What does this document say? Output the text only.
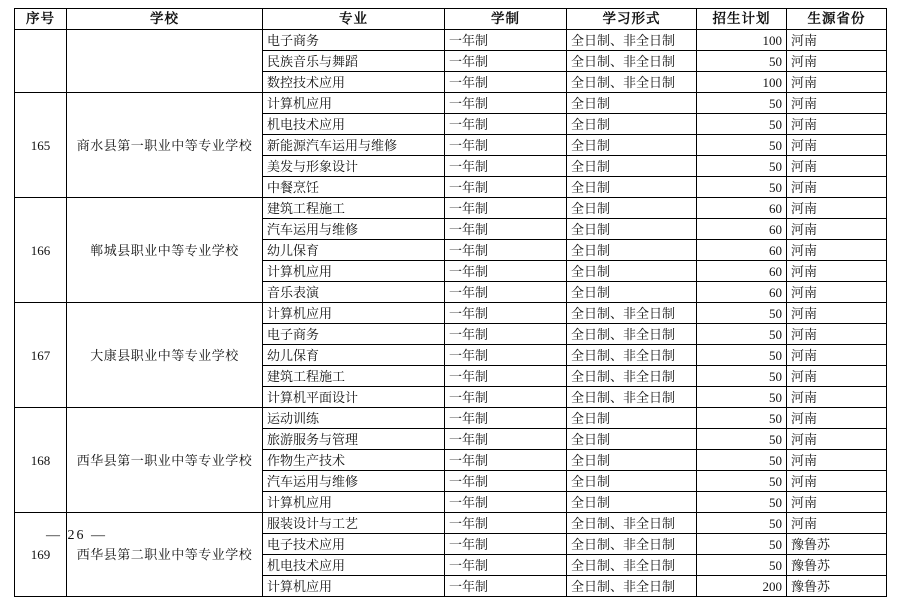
序号	学校	专业	学制	学习形式	招生计划	生源省份
		电子商务	一年制	全日制、非全日制	100	河南
		民族音乐与舞蹈	一年制	全日制、非全日制	50	河南
		数控技术应用	一年制	全日制、非全日制	100	河南
165	商水县第一职业中等专业学校	计算机应用	一年制	全日制	50	河南
		机电技术应用	一年制	全日制	50	河南
		新能源汽车运用与维修	一年制	全日制	50	河南
		美发与形象设计	一年制	全日制	50	河南
		中餐烹饪	一年制	全日制	50	河南
166	郸城县职业中等专业学校	建筑工程施工	一年制	全日制	60	河南
		汽车运用与维修	一年制	全日制	60	河南
		幼儿保育	一年制	全日制	60	河南
		计算机应用	一年制	全日制	60	河南
		音乐表演	一年制	全日制	60	河南
167	大康县职业中等专业学校	计算机应用	一年制	全日制、非全日制	50	河南
		电子商务	一年制	全日制、非全日制	50	河南
		幼儿保育	一年制	全日制、非全日制	50	河南
		建筑工程施工	一年制	全日制、非全日制	50	河南
		计算机平面设计	一年制	全日制、非全日制	50	河南
168	西华县第一职业中等专业学校	运动训练	一年制	全日制	50	河南
		旅游服务与管理	一年制	全日制	50	河南
		作物生产技术	一年制	全日制	50	河南
		汽车运用与维修	一年制	全日制	50	河南
		计算机应用	一年制	全日制	50	河南
169	西华县第二职业中等专业学校	服装设计与工艺	一年制	全日制、非全日制	50	河南
		电子技术应用	一年制	全日制、非全日制	50	豫鲁苏
		机电技术应用	一年制	全日制、非全日制	50	豫鲁苏
		计算机应用	一年制	全日制、非全日制	200	豫鲁苏
— 26 —
